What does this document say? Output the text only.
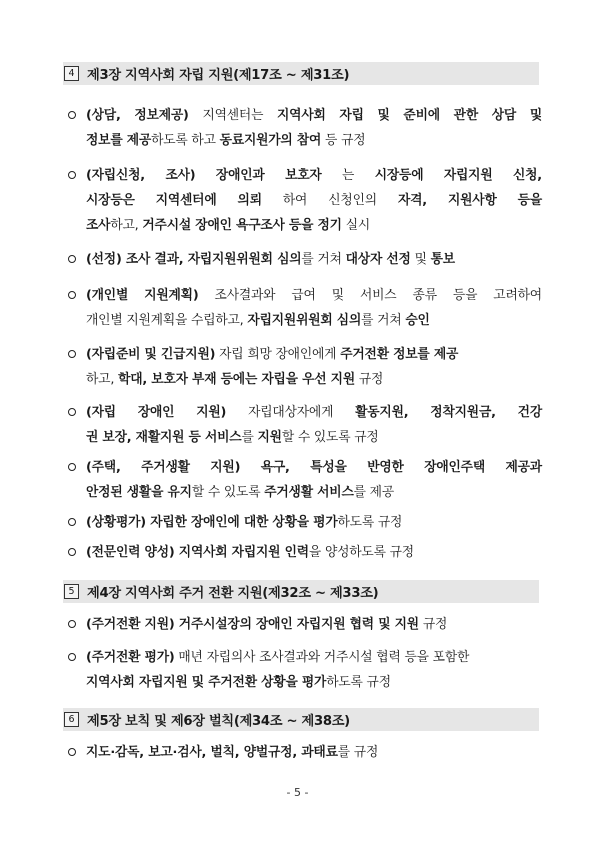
4 제3장 지역사회 자립 지원(제17조 ~ 제31조)
(상담, 정보제공) 지역센터는 지역사회 자립 및 준비에 관한 상담 및
정보를 제공하도록 하고 동료지원가의 참여 등 규정
(자립신청, 조사) 장애인과 보호자 는 시장등에 자립지원 신청,
시장등은 지역센터에 의뢰 하여 신청인의 자격, 지원사항 등을
조사하고, 거주시설 장애인 욕구조사 등을 정기 실시
(선정) 조사 결과, 자립지원위원회 심의를 거쳐 대상자 선정 및 통보
(개인별 지원계획) 조사결과와 급여 및 서비스 종류 등을 고려하여
개인별 지원계획을 수립하고, 자립지원위원회 심의를 거쳐 승인
(자립준비 및 긴급지원) 자립 희망 장애인에게 주거전환 정보를 제공
하고, 학대, 보호자 부재 등에는 자립을 우선 지원 규정
(자립 장애인 지원) 자립대상자에게 활동지원, 정착지원금, 건강
권 보장, 재활지원 등 서비스를 지원할 수 있도록 규정
(주택, 주거생활 지원) 욕구, 특성을 반영한 장애인주택 제공과
안정된 생활을 유지할 수 있도록 주거생활 서비스를 제공
(상황평가) 자립한 장애인에 대한 상황을 평가하도록 규정
(전문인력 양성) 지역사회 자립지원 인력을 양성하도록 규정
5 제4장 지역사회 주거 전환 지원(제32조 ~ 제33조)
(주거전환 지원) 거주시설장의 장애인 자립지원 협력 및 지원 규정
(주거전환 평가) 매년 자립의사 조사결과와 거주시설 협력 등을 포함한
지역사회 자립지원 및 주거전환 상황을 평가하도록 규정
6 제5장 보칙 및 제6장 벌칙(제34조 ~ 제38조)
지도·감독, 보고·검사, 벌칙, 양벌규정, 과태료를 규정
- 5 -
